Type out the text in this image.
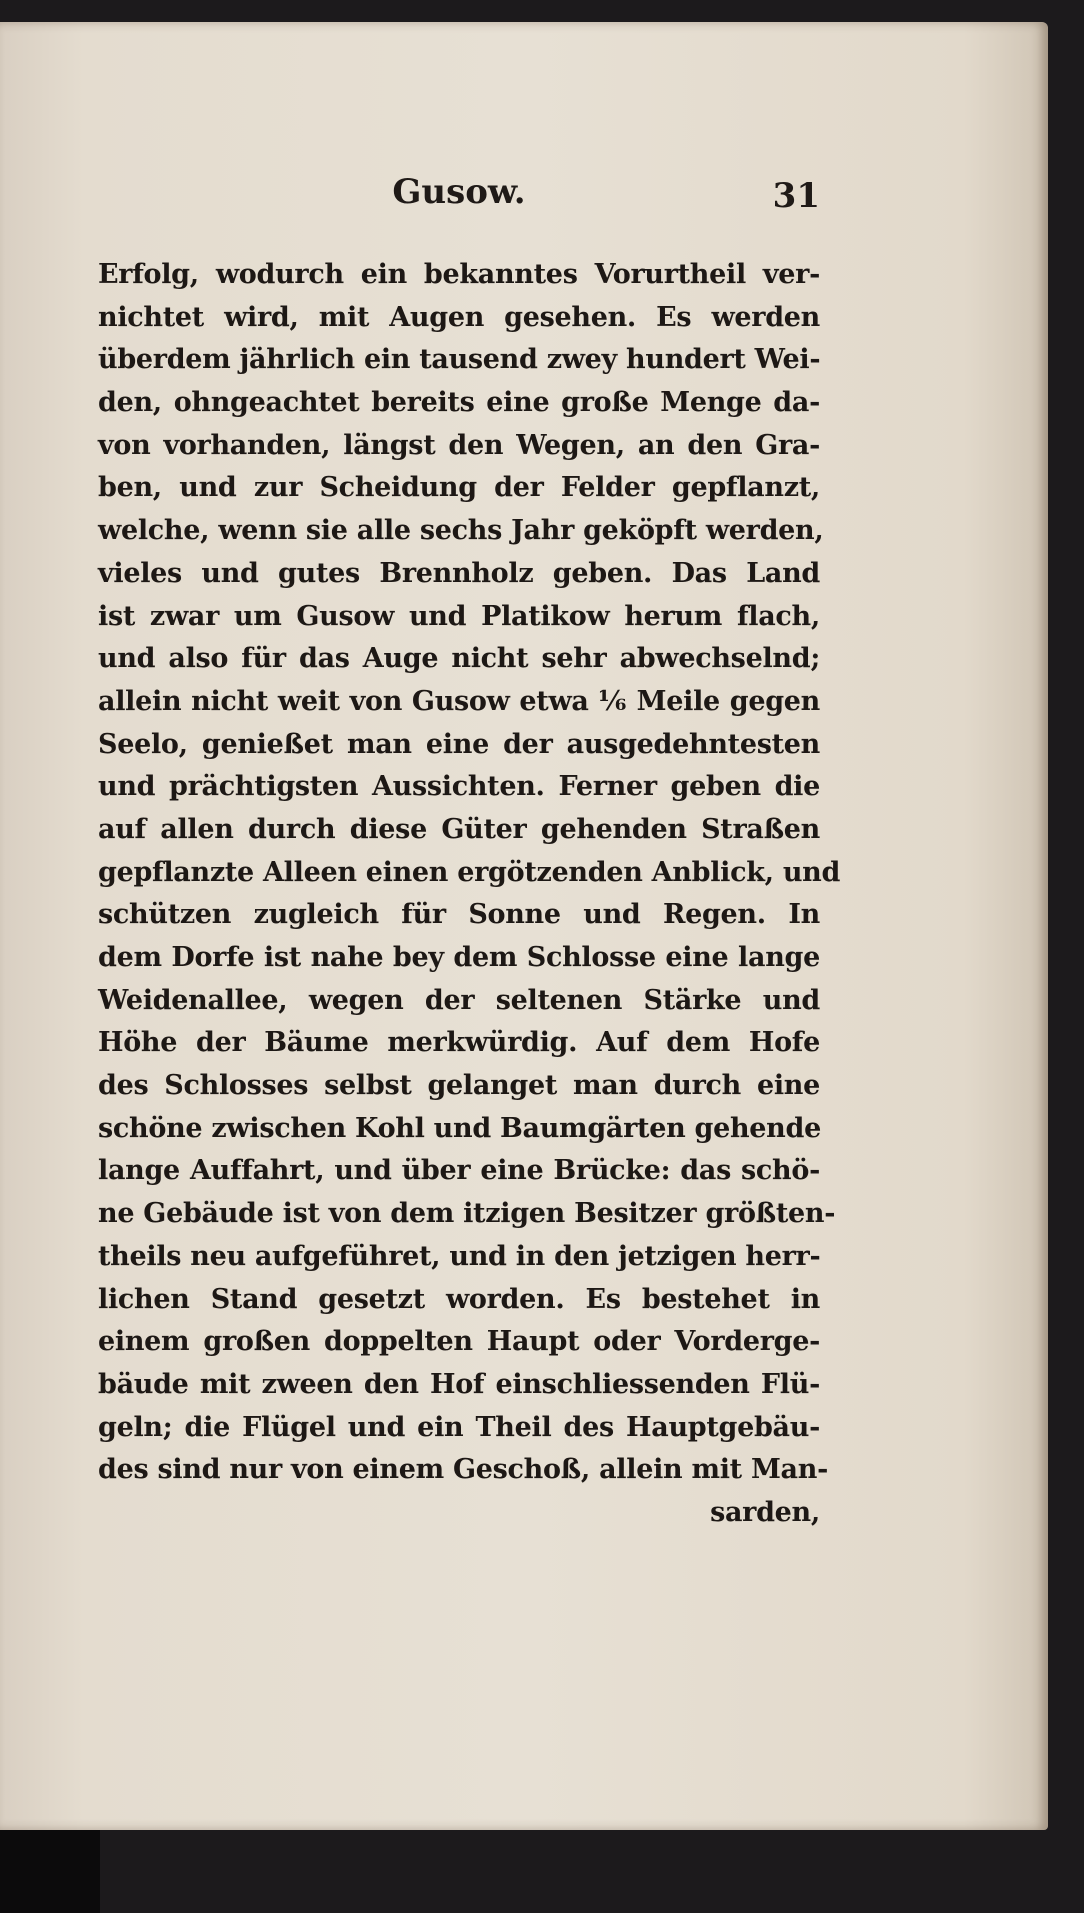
Gusow.	31
Erfolg, wodurch ein bekanntes Vorurtheil ver-
nichtet wird, mit Augen gesehen. Es werden
überdem jährlich ein tausend zwey hundert Wei-
den, ohngeachtet bereits eine große Menge da-
von vorhanden, längst den Wegen, an den Gra-
ben, und zur Scheidung der Felder gepflanzt,
welche, wenn sie alle sechs Jahr geköpft werden,
vieles und gutes Brennholz geben. Das Land
ist zwar um Gusow und Platikow herum flach,
und also für das Auge nicht sehr abwechselnd;
allein nicht weit von Gusow etwa ⅙ Meile gegen
Seelo, genießet man eine der ausgedehntesten
und prächtigsten Aussichten. Ferner geben die
auf allen durch diese Güter gehenden Straßen
gepflanzte Alleen einen ergötzenden Anblick, und
schützen zugleich für Sonne und Regen. In
dem Dorfe ist nahe bey dem Schlosse eine lange
Weidenallee, wegen der seltenen Stärke und
Höhe der Bäume merkwürdig. Auf dem Hofe
des Schlosses selbst gelanget man durch eine
schöne zwischen Kohl und Baumgärten gehende
lange Auffahrt, und über eine Brücke: das schö-
ne Gebäude ist von dem itzigen Besitzer größten-
theils neu aufgeführet, und in den jetzigen herr-
lichen Stand gesetzt worden. Es bestehet in
einem großen doppelten Haupt oder Vorderge-
bäude mit zween den Hof einschliessenden Flü-
geln; die Flügel und ein Theil des Hauptgebäu-
des sind nur von einem Geschoß, allein mit Man-
sarden,
